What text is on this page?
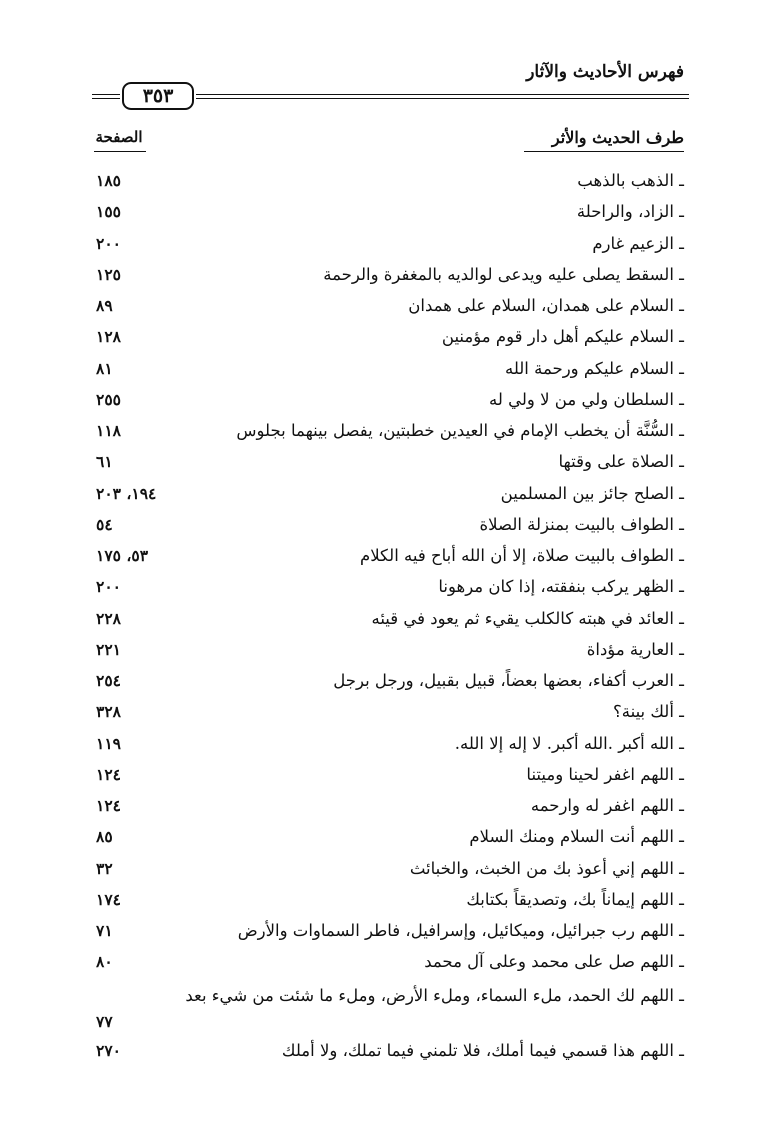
فهرس الأحاديث والآثار
٣٥٣
طرف الحديث والأثر
الصفحة
ـ الذهب بالذهب
١٨٥
ـ الزاد، والراحلة
١٥٥
ـ الزعيم غارم
٢٠٠
ـ السقط يصلى عليه ويدعى لوالديه بالمغفرة والرحمة
١٢٥
ـ السلام على همدان، السلام على همدان
٨٩
ـ السلام عليكم أهل دار قوم مؤمنين
١٢٨
ـ السلام عليكم ورحمة الله
٨١
ـ السلطان ولي من لا ولي له
٢٥٥
ـ السُّنَّة أن يخطب الإمام في العيدين خطبتين، يفصل بينهما بجلوس
١١٨
ـ الصلاة على وقتها
٦١
ـ الصلح جائز بين المسلمين
١٩٤، ٢٠٣
ـ الطواف بالبيت بمنزلة الصلاة
٥٤
ـ الطواف بالبيت صلاة، إلا أن الله أباح فيه الكلام
٥٣، ١٧٥
ـ الظهر يركب بنفقته، إذا كان مرهونا
٢٠٠
ـ العائد في هبته كالكلب يقيء ثم يعود في قيئه
٢٢٨
ـ العارية مؤداة
٢٢١
ـ العرب أكفاء، بعضها بعضاً، قبيل بقبيل، ورجل برجل
٢٥٤
ـ ألك بينة؟
٣٢٨
ـ الله أكبر .الله أكبر. لا إله إلا الله.
١١٩
ـ اللهم اغفر لحينا وميتنا
١٢٤
ـ اللهم اغفر له وارحمه
١٢٤
ـ اللهم أنت السلام ومنك السلام
٨٥
ـ اللهم إني أعوذ بك من الخبث، والخبائث
٣٢
ـ اللهم إيماناً بك، وتصديقاً بكتابك
١٧٤
ـ اللهم رب جبرائيل، وميكائيل، وإسرافيل، فاطر السماوات والأرض
٧١
ـ اللهم صل على محمد وعلى آل محمد
٨٠
ـ اللهم لك الحمد، ملء السماء، وملء الأرض، وملء ما شئت من شيء بعد
٧٧
ـ اللهم هذا قسمي فيما أملك، فلا تلمني فيما تملك، ولا أملك
٢٧٠
